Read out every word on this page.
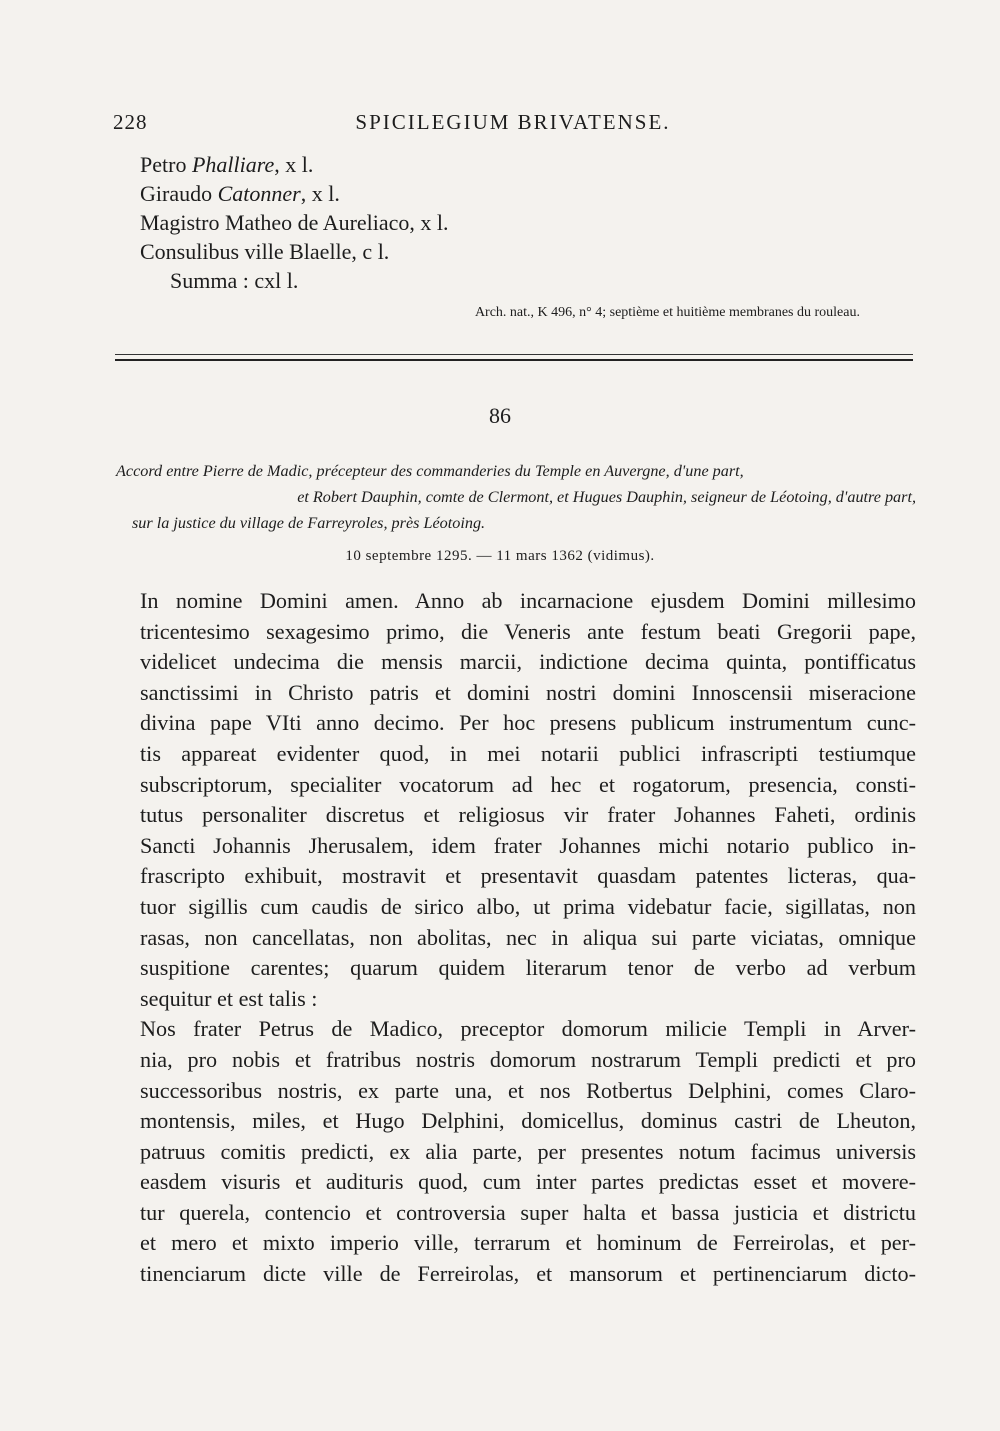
228	SPICILEGIUM BRIVATENSE.
Petro Phalliare, x l.
Giraudo Catonner, x l.
Magistro Matheo de Aureliaco, x l.
Consulibus ville Blaelle, c l.
Summa : cxl l.
Arch. nat., K 496, n° 4; septième et huitième membranes du rouleau.
86
Accord entre Pierre de Madic, précepteur des commanderies du Temple en Auvergne, d'une part,
et Robert Dauphin, comte de Clermont, et Hugues Dauphin, seigneur de Léotoing, d'autre part,
sur la justice du village de Farreyroles, près Léotoing.
10 septembre 1295. — 11 mars 1362 (vidimus).
In nomine Domini amen. Anno ab incarnacione ejusdem Domini millesimo
tricentesimo sexagesimo primo, die Veneris ante festum beati Gregorii pape,
videlicet undecima die mensis marcii, indictione decima quinta, pontifficatus
sanctissimi in Christo patris et domini nostri domini Innoscensii miseracione
divina pape VIti anno decimo. Per hoc presens publicum instrumentum cunc-
tis appareat evidenter quod, in mei notarii publici infrascripti testiumque
subscriptorum, specialiter vocatorum ad hec et rogatorum, presencia, consti-
tutus personaliter discretus et religiosus vir frater Johannes Faheti, ordinis
Sancti Johannis Jherusalem, idem frater Johannes michi notario publico in-
frascripto exhibuit, mostravit et presentavit quasdam patentes licteras, qua-
tuor sigillis cum caudis de sirico albo, ut prima videbatur facie, sigillatas, non
rasas, non cancellatas, non abolitas, nec in aliqua sui parte viciatas, omnique
suspitione carentes; quarum quidem literarum tenor de verbo ad verbum
sequitur et est talis :
Nos frater Petrus de Madico, preceptor domorum milicie Templi in Arver-
nia, pro nobis et fratribus nostris domorum nostrarum Templi predicti et pro
successoribus nostris, ex parte una, et nos Rotbertus Delphini, comes Claro-
montensis, miles, et Hugo Delphini, domicellus, dominus castri de Lheuton,
patruus comitis predicti, ex alia parte, per presentes notum facimus universis
easdem visuris et audituris quod, cum inter partes predictas esset et movere-
tur querela, contencio et controversia super halta et bassa justicia et districtu
et mero et mixto imperio ville, terrarum et hominum de Ferreirolas, et per-
tinenciarum dicte ville de Ferreirolas, et mansorum et pertinenciarum dicto-
